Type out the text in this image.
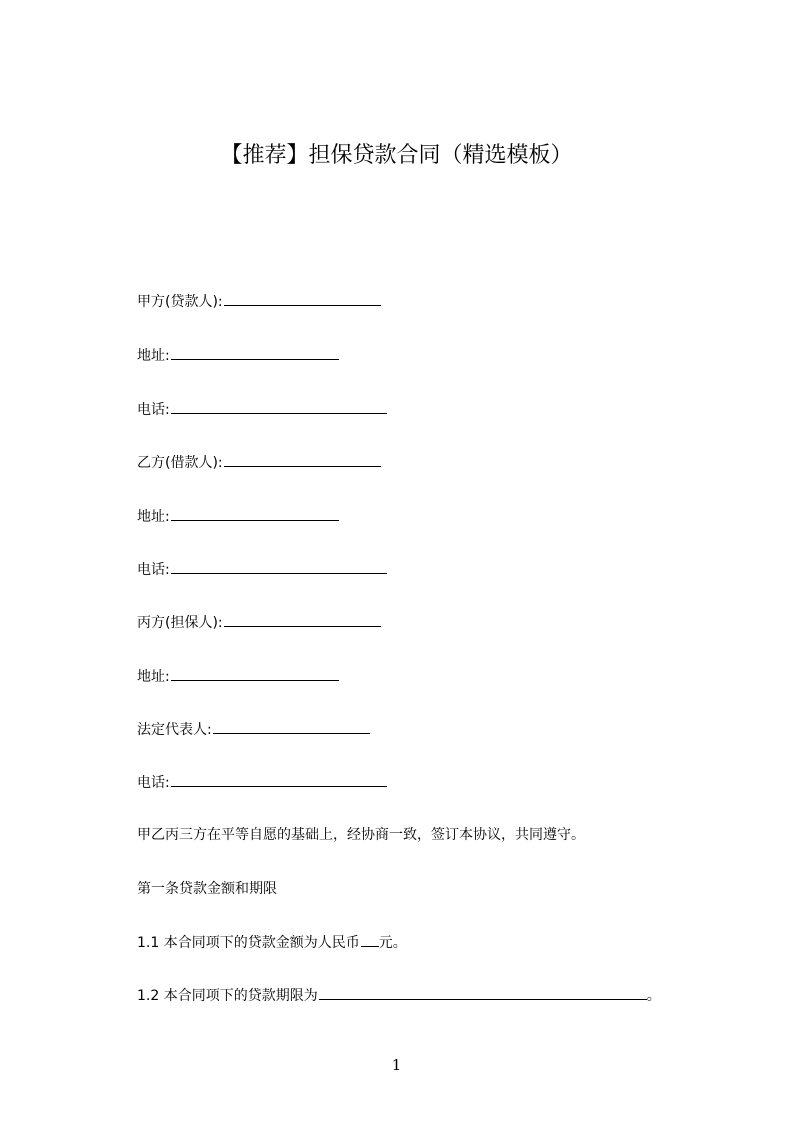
【推荐】担保贷款合同（精选模板）
甲方(贷款人):
地址:
电话:
乙方(借款人):
地址:
电话:
丙方(担保人):
地址:
法定代表人:
电话:
甲乙丙三方在平等自愿的基础上，经协商一致，签订本协议，共同遵守。
第一条贷款金额和期限
1.1 本合同项下的贷款金额为人民币 元。
1.2 本合同项下的贷款期限为	。
1
